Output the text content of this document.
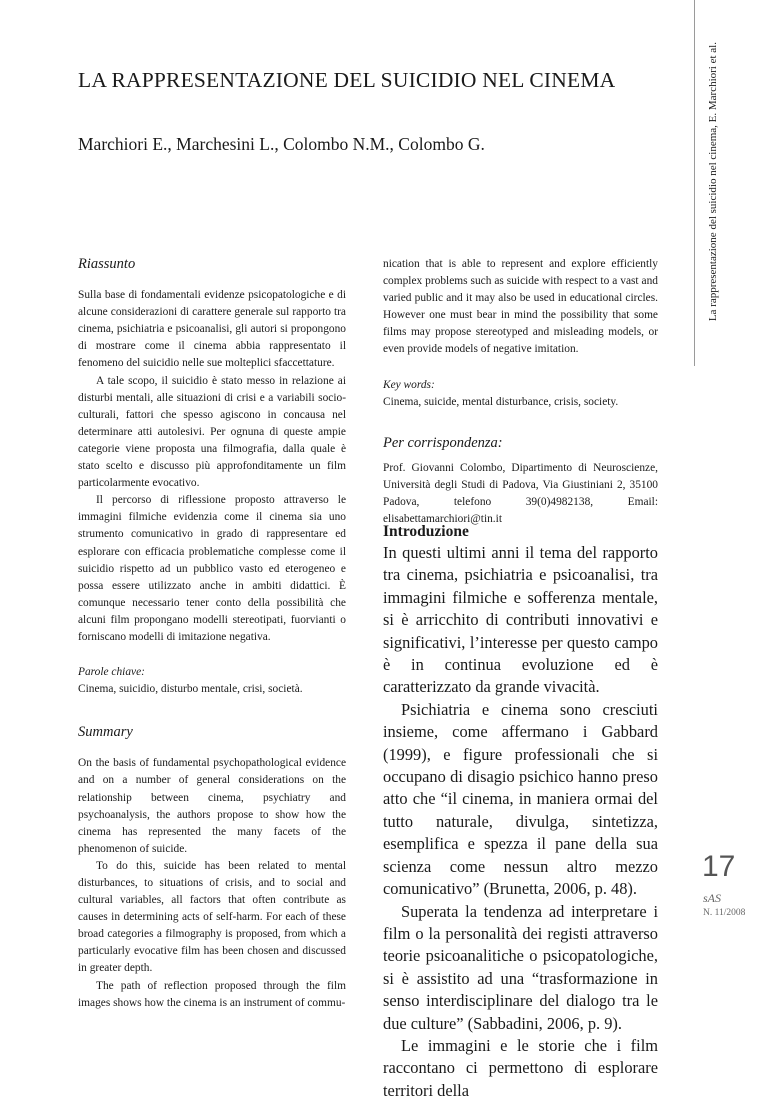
LA RAPPRESENTAZIONE DEL SUICIDIO NEL CINEMA
Marchiori E., Marchesini L., Colombo N.M., Colombo G.	La rappresentazione del suicidio nel cinema, E. Marchiori et al.
17
sAS
N. 11/2008
Riassunto

Sulla base di fondamentali evidenze psicopatologiche e di alcune considerazioni di carattere generale sul rapporto tra cinema, psichiatria e psicoanalisi, gli autori si propongono di mostrare come il cinema abbia rappresentato il fenomeno del suicidio nelle sue molteplici sfaccettature.

A tale scopo, il suicidio è stato messo in relazione ai disturbi mentali, alle situazioni di crisi e a variabili socio-culturali, fattori che spesso agiscono in concausa nel determinare atti autolesivi. Per ognuna di queste ampie categorie viene proposta una filmografia, dalla quale è stato scelto e discusso più approfonditamente un film particolarmente evocativo.

Il percorso di riflessione proposto attraverso le immagini filmiche evidenzia come il cinema sia uno strumento comunicativo in grado di rappresentare ed esplorare con efficacia problematiche complesse come il suicidio rispetto ad un pubblico vasto ed eterogeneo e possa essere utilizzato anche in ambiti didattici. È comunque necessario tener conto della possibilità che alcuni film propongano modelli stereotipati, fuorvianti o forniscano modelli di imitazione negativa.

Parole chiave:

Cinema, suicidio, disturbo mentale, crisi, società.

Summary

On the basis of fundamental psychopathological evidence and on a number of general considerations on the relationship between cinema, psychiatry and psychoanalysis, the authors propose to show how the cinema has represented the many facets of the phenomenon of suicide.

To do this, suicide has been related to mental disturbances, to situations of crisis, and to social and cultural variables, all factors that often contribute as causes in determining acts of self-harm. For each of these broad categories a filmography is proposed, from which a particularly evocative film has been chosen and discussed in greater depth.

The path of reflection proposed through the film images shows how the cinema is an instrument of commu-

nication that is able to represent and explore efficiently complex problems such as suicide with respect to a vast and varied public and it may also be used in educational circles. However one must bear in mind the possibility that some films may propose stereotyped and misleading models, or even provide models of negative imitation.

Key words:

Cinema, suicide, mental disturbance, crisis, society.

Per corrispondenza:

Prof. Giovanni Colombo, Dipartimento di Neuroscienze, Università degli Studi di Padova, Via Giustiniani 2, 35100 Padova, telefono 39(0)4982138, Email: elisabettamarchiori@tin.it

Introduzione

In questi ultimi anni il tema del rapporto tra cinema, psichiatria e psicoanalisi, tra immagini filmiche e sofferenza mentale, si è arricchito di contributi innovativi e significativi, l’interesse per questo campo è in continua evoluzione ed è caratterizzato da grande vivacità.

Psichiatria e cinema sono cresciuti insieme, come affermano i Gabbard (1999), e figure professionali che si occupano di disagio psichico hanno preso atto che “il cinema, in maniera ormai del tutto naturale, divulga, sintetizza, esemplifica e spezza il pane della sua scienza come nessun altro mezzo comunicativo” (Brunetta, 2006, p. 48).

Superata la tendenza ad interpretare i film o la personalità dei registi attraverso teorie psicoanalitiche o psicopatologiche, si è assistito ad una “trasformazione in senso interdisciplinare del dialogo tra le due culture” (Sabbadini, 2006, p. 9).

Le immagini e le storie che i film raccontano ci permettono di esplorare territori della
